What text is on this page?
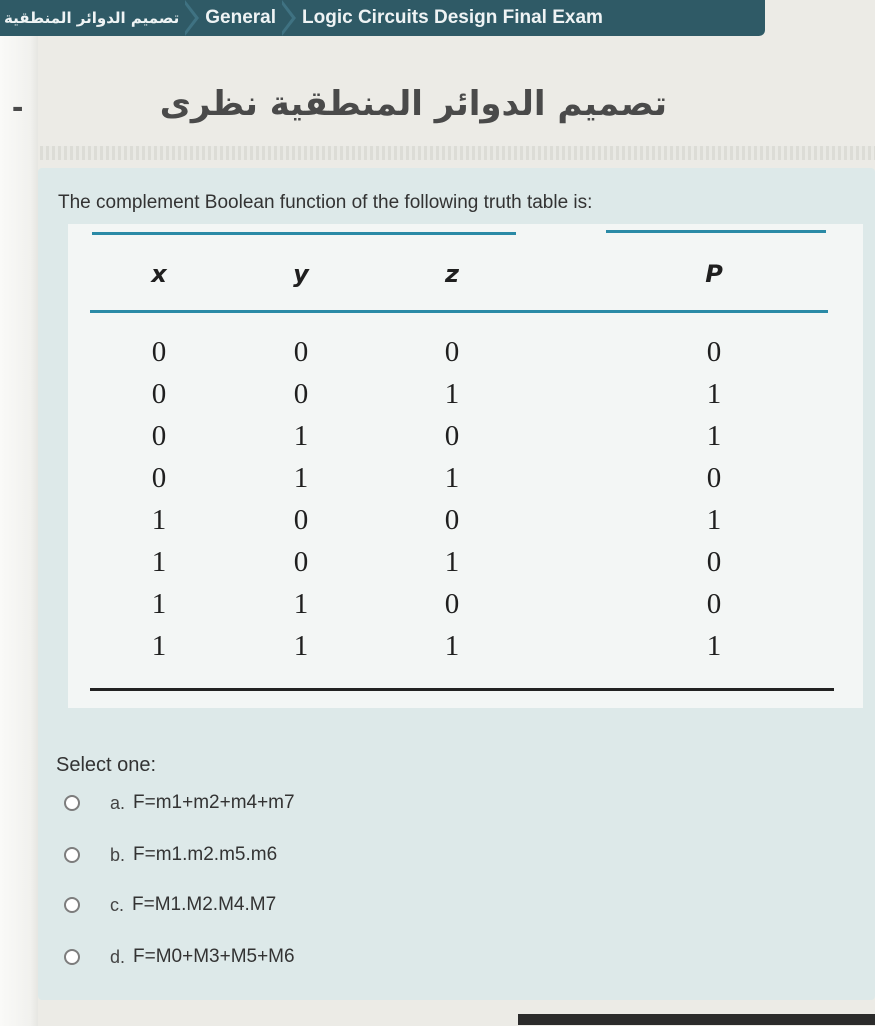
تصميم الدوائر المنطقية	General	Logic Circuits Design Final Exam
-	تصميم الدوائر المنطقية نظرى
The complement Boolean function of the following truth table is:
x	y	z	P
0	0	0	0
0	0	1	1
0	1	0	1
0	1	1	0
1	0	0	1
1	0	1	0
1	1	0	0
1	1	1	1
Select one:
a. F=m1+m2+m4+m7
b. F=m1.m2.m5.m6
c. F=M1.M2.M4.M7
d. F=M0+M3+M5+M6
